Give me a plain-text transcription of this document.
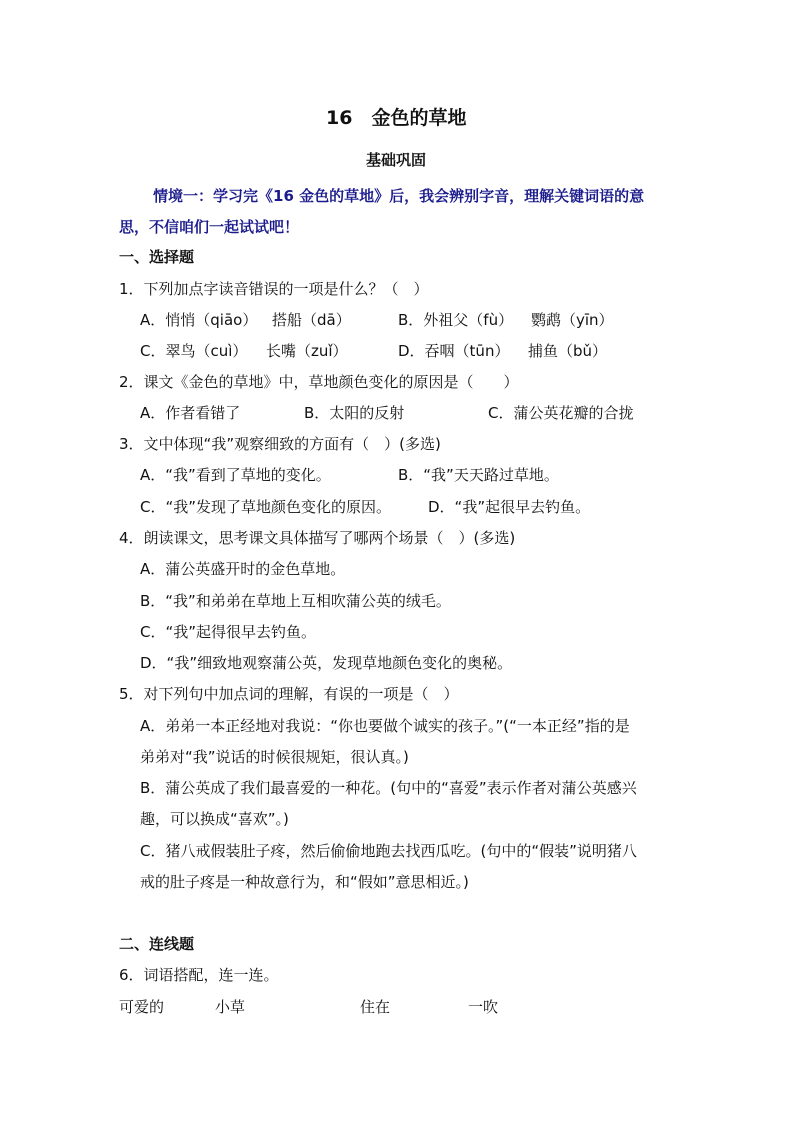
16　金色的草地
基础巩固
情境一：学习完《16 金色的草地》后，我会辨别字音，理解关键词语的意
思，不信咱们一起试试吧！
一、选择题
1．下列加点字读音错误的一项是什么？（　）
A．悄悄（qiāo） 搭船（dā）	B．外祖父（fù） 鹦鹉（yīn）
C．翠鸟（cuì） 长嘴（zuǐ）	D．吞咽（tūn） 捕鱼（bǔ）
2．课文《金色的草地》中，草地颜色变化的原因是（　　）
A．作者看错了	B．太阳的反射	C．蒲公英花瓣的合拢
3．文中体现“我”观察细致的方面有（　）(多选)
A．“我”看到了草地的变化。	B．“我”天天路过草地。
C．“我”发现了草地颜色变化的原因。 D．“我”起很早去钓鱼。
4．朗读课文，思考课文具体描写了哪两个场景（　）(多选)
A．蒲公英盛开时的金色草地。
B．“我”和弟弟在草地上互相吹蒲公英的绒毛。
C．“我”起得很早去钓鱼。
D．“我”细致地观察蒲公英，发现草地颜色变化的奥秘。
5．对下列句中加点词的理解，有误的一项是（　）
A．弟弟一本正经地对我说：“你也要做个诚实的孩子。”(“一本正经”指的是
弟弟对“我”说话的时候很规矩，很认真。)
B．蒲公英成了我们最喜爱的一种花。(句中的“喜爱”表示作者对蒲公英感兴
趣，可以换成“喜欢”。)
C．猪八戒假装肚子疼，然后偷偷地跑去找西瓜吃。(句中的“假装”说明猪八
戒的肚子疼是一种故意行为，和“假如”意思相近。)
二、连线题
6．词语搭配，连一连。
可爱的	小草	住在	一吹
